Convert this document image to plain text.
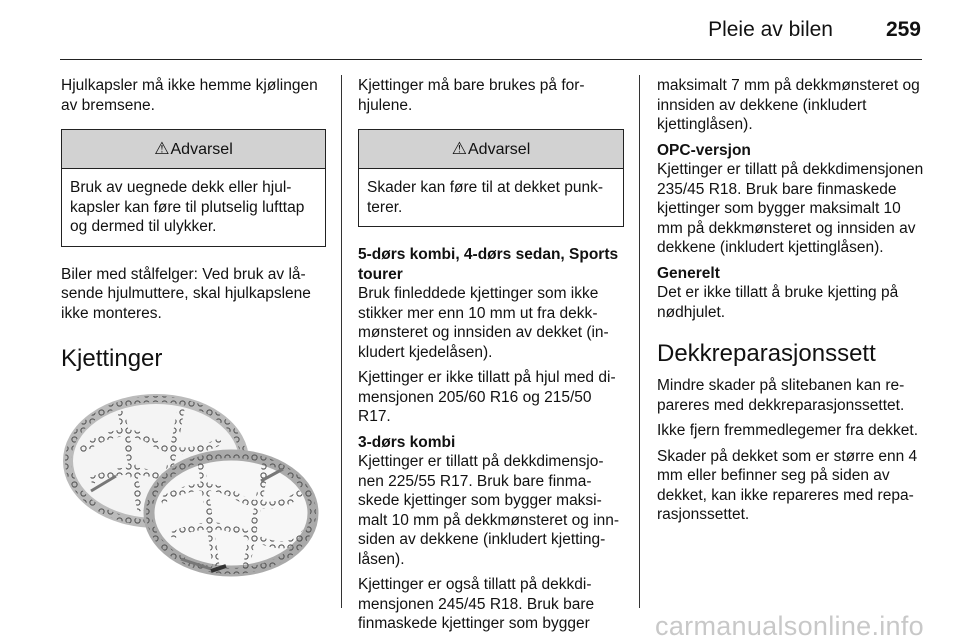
Pleie av bilen	259

Hjulkapsler må ikke hemme kjølingen av bremsene.

⚠Advarsel
Bruk av uegnede dekk eller hjulkapsler kan føre til plutselig lufttap og dermed til ulykker.

Biler med stålfelger: Ved bruk av låsende hjulmuttere, skal hjulkapslene ikke monteres.

Kjettinger

Kjettinger må bare brukes på forhjulene.

⚠Advarsel
Skader kan føre til at dekket punkterer.

5-dørs kombi, 4-dørs sedan, Sports tourer

Bruk finleddede kjettinger som ikke stikker mer enn 10 mm ut fra dekkmønsteret og innsiden av dekket (inkludert kjedelåsen).

Kjettinger er ikke tillatt på hjul med dimensjonen 205/60 R16 og 215/50 R17.

3-dørs kombi

Kjettinger er tillatt på dekkdimensjonen 225/55 R17. Bruk bare finmaskede kjettinger som bygger maksimalt 10 mm på dekkmønsteret og innsiden av dekkene (inkludert kjettinglåsen).

Kjettinger er også tillatt på dekkdimensjonen 245/45 R18. Bruk bare finmaskede kjettinger som bygger

maksimalt 7 mm på dekkmønsteret og innsiden av dekkene (inkludert kjettinglåsen).

OPC-versjon

Kjettinger er tillatt på dekkdimensjonen 235/45 R18. Bruk bare finmaskede kjettinger som bygger maksimalt 10 mm på dekkmønsteret og innsiden av dekkene (inkludert kjettinglåsen).

Generelt

Det er ikke tillatt å bruke kjetting på nødhjulet.

Dekkreparasjonssett

Mindre skader på slitebanen kan repareres med dekkreparasjonssettet.

Ikke fjern fremmedlegemer fra dekket.

Skader på dekket som er større enn 4 mm eller befinner seg på siden av dekket, kan ikke repareres med reparasjonssettet.

carmanualsonline.info
